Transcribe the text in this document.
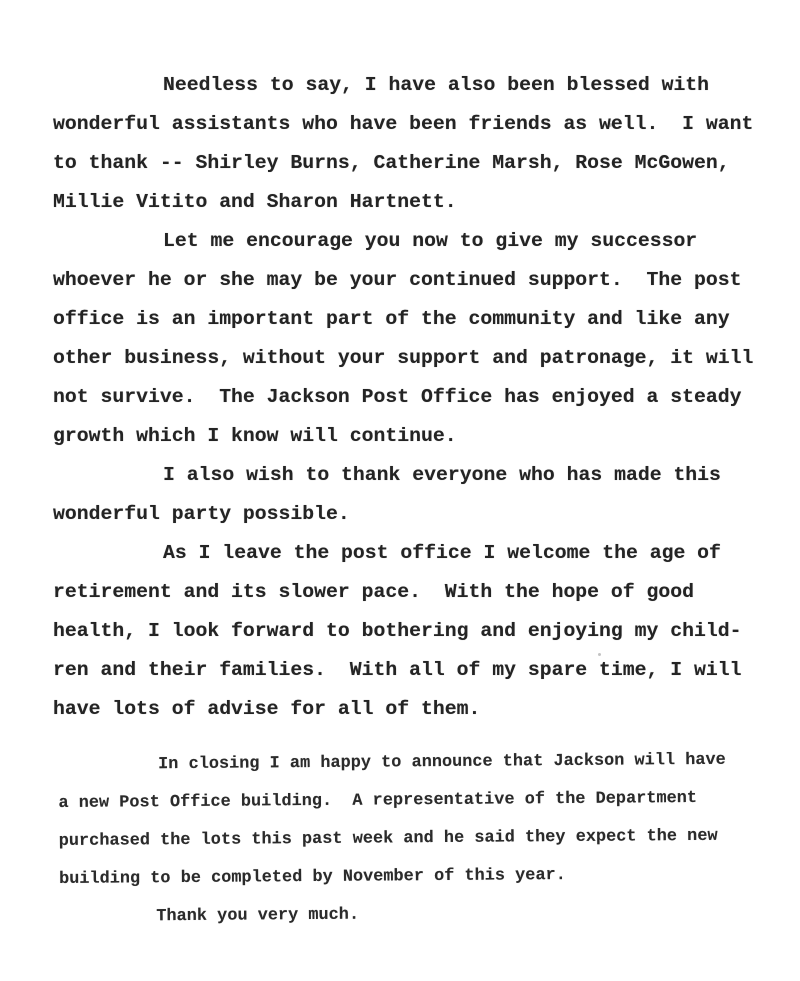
Needless to say, I have also been blessed with
wonderful assistants who have been friends as well.  I want
to thank -- Shirley Burns, Catherine Marsh, Rose McGowen,
Millie Vitito and Sharon Hartnett.
Let me encourage you now to give my successor
whoever he or she may be your continued support.  The post
office is an important part of the community and like any
other business, without your support and patronage, it will
not survive.  The Jackson Post Office has enjoyed a steady
growth which I know will continue.
I also wish to thank everyone who has made this
wonderful party possible.
As I leave the post office I welcome the age of
retirement and its slower pace.  With the hope of good
health, I look forward to bothering and enjoying my child-
ren and their families.  With all of my spare time, I will
have lots of advise for all of them.
In closing I am happy to announce that Jackson will have
a new Post Office building.  A representative of the Department
purchased the lots this past week and he said they expect the new
building to be completed by November of this year.
Thank you very much.
